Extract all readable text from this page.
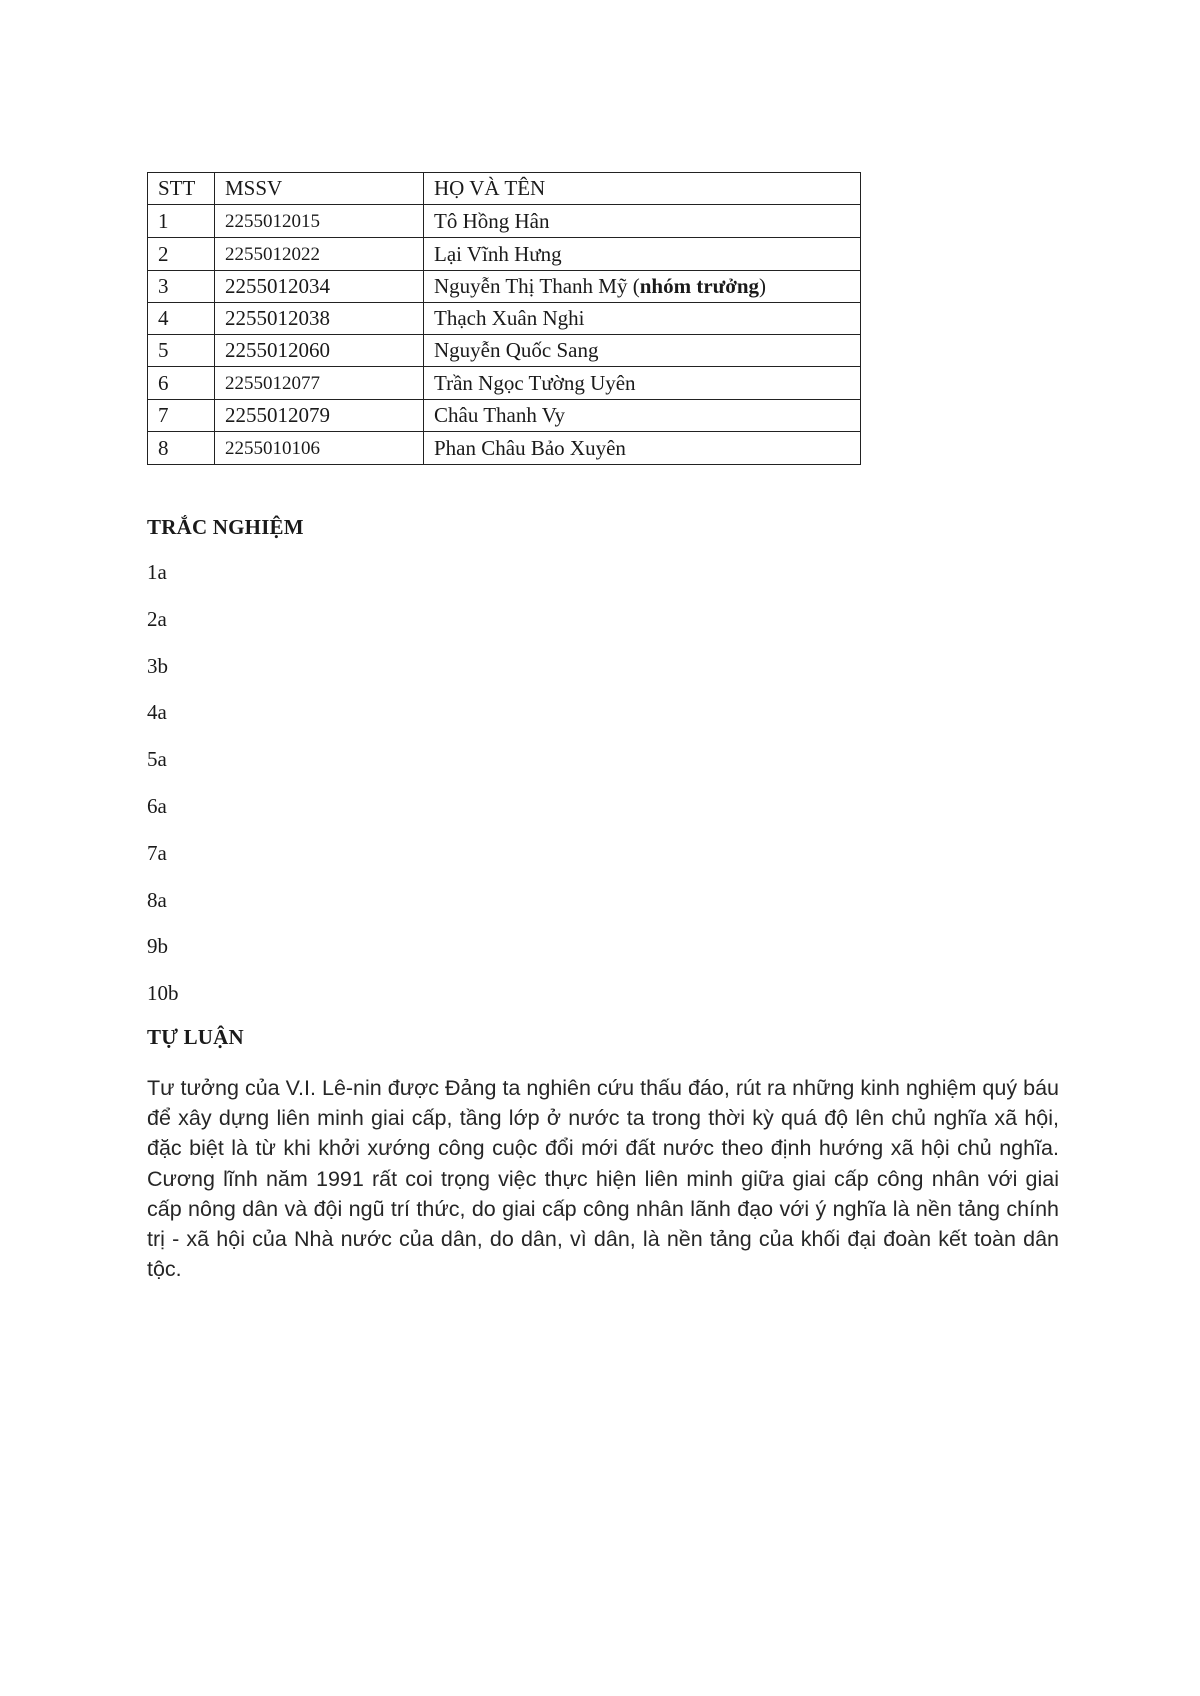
STT	MSSV	HỌ VÀ TÊN
1	2255012015	Tô Hồng Hân
2	2255012022	Lại Vĩnh Hưng
3	2255012034	Nguyễn Thị Thanh Mỹ (nhóm trưởng)
4	2255012038	Thạch Xuân Nghi
5	2255012060	Nguyễn Quốc Sang
6	2255012077	Trần Ngọc Tường Uyên
7	2255012079	Châu Thanh Vy
8	2255010106	Phan Châu Bảo Xuyên
TRẮC NGHIỆM
1a
2a
3b
4a
5a
6a
7a
8a
9b
10b
TỰ LUẬN
Tư tưởng của V.I. Lê-nin được Đảng ta nghiên cứu thấu đáo, rút ra những kinh nghiệm quý báu để xây dựng liên minh giai cấp, tầng lớp ở nước ta trong thời kỳ quá độ lên chủ nghĩa xã hội, đặc biệt là từ khi khởi xướng công cuộc đổi mới đất nước theo định hướng xã hội chủ nghĩa. Cương lĩnh năm 1991 rất coi trọng việc thực hiện liên minh giữa giai cấp công nhân với giai cấp nông dân và đội ngũ trí thức, do giai cấp công nhân lãnh đạo với ý nghĩa là nền tảng chính trị - xã hội của Nhà nước của dân, do dân, vì dân, là nền tảng của khối đại đoàn kết toàn dân tộc.
